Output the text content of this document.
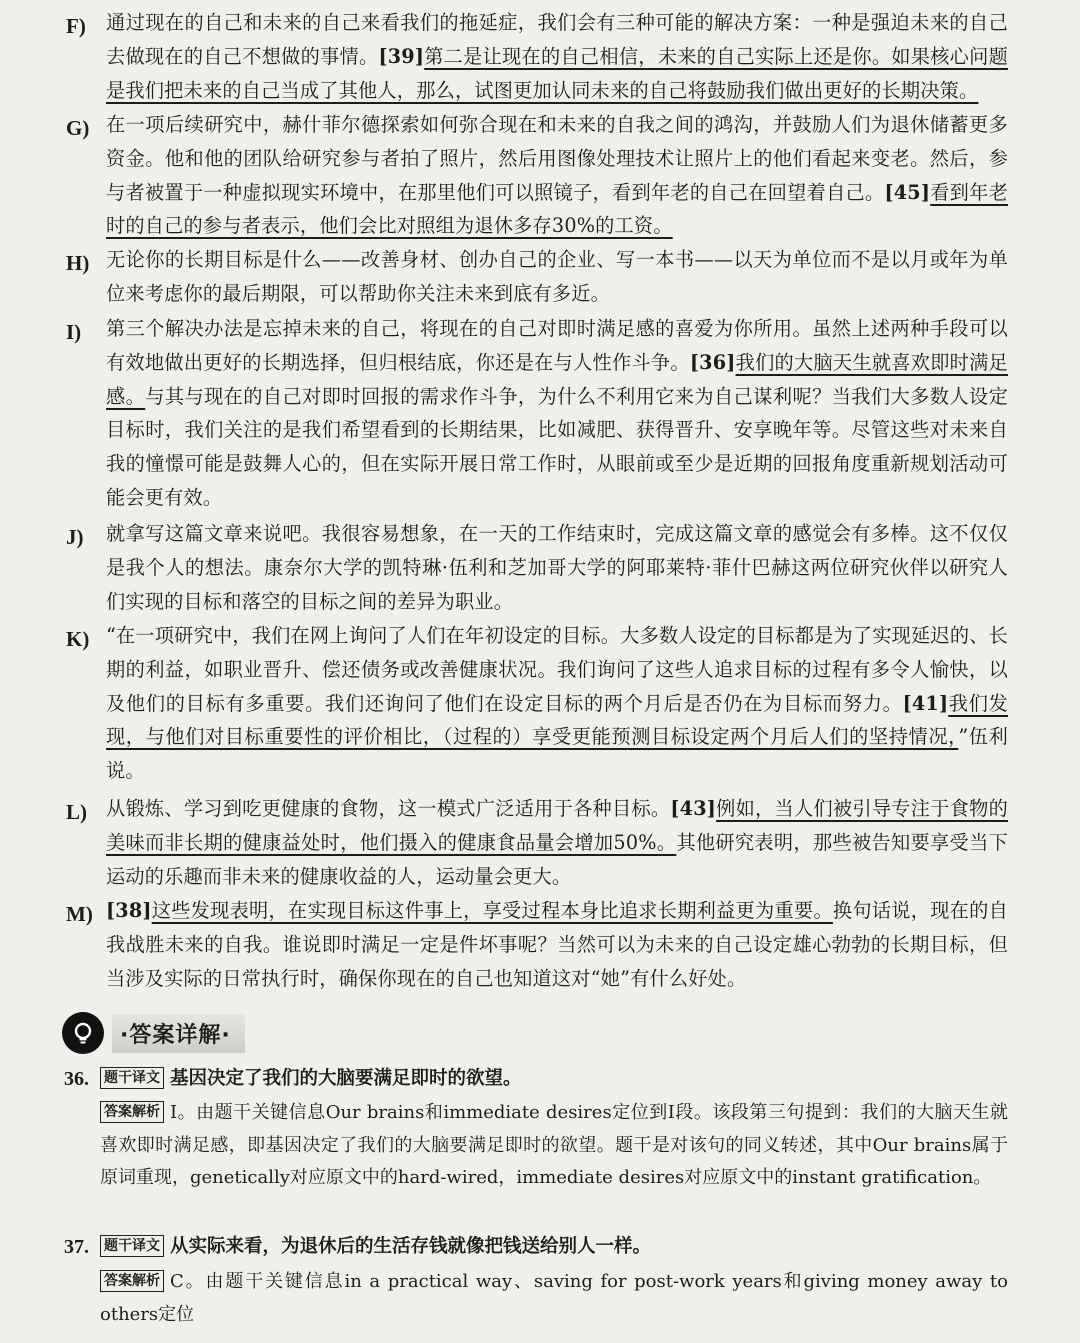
F)	通过现在的自己和未来的自己来看我们的拖延症，我们会有三种可能的解决方案：一种是强迫未来的自己去做现在的自己不想做的事情。[39]第二是让现在的自己相信，未来的自己实际上还是你。如果核心问题是我们把未来的自己当成了其他人，那么，试图更加认同未来的自己将鼓励我们做出更好的长期决策。
G) 在一项后续研究中，赫什菲尔德探索如何弥合现在和未来的自我之间的鸿沟，并鼓励人们为退休储蓄更多资金。他和他的团队给研究参与者拍了照片，然后用图像处理技术让照片上的他们看起来变老。然后，参与者被置于一种虚拟现实环境中，在那里他们可以照镜子，看到年老的自己在回望着自己。[45]看到年老时的自己的参与者表示，他们会比对照组为退休多存30%的工资。
H) 无论你的长期目标是什么——改善身材、创办自己的企业、写一本书——以天为单位而不是以月或年为单位来考虑你的最后期限，可以帮助你关注未来到底有多近。
I)	第三个解决办法是忘掉未来的自己，将现在的自己对即时满足感的喜爱为你所用。虽然上述两种手段可以有效地做出更好的长期选择，但归根结底，你还是在与人性作斗争。[36]我们的大脑天生就喜欢即时满足感。与其与现在的自己对即时回报的需求作斗争，为什么不利用它来为自己谋利呢？当我们大多数人设定目标时，我们关注的是我们希望看到的长期结果，比如减肥、获得晋升、安享晚年等。尽管这些对未来自我的憧憬可能是鼓舞人心的，但在实际开展日常工作时，从眼前或至少是近期的回报角度重新规划活动可能会更有效。
J)	就拿写这篇文章来说吧。我很容易想象，在一天的工作结束时，完成这篇文章的感觉会有多棒。这不仅仅是我个人的想法。康奈尔大学的凯特琳·伍利和芝加哥大学的阿耶莱特·菲什巴赫这两位研究伙伴以研究人们实现的目标和落空的目标之间的差异为职业。
K) “在一项研究中，我们在网上询问了人们在年初设定的目标。大多数人设定的目标都是为了实现延迟的、长期的利益，如职业晋升、偿还债务或改善健康状况。我们询问了这些人追求目标的过程有多令人愉快，以及他们的目标有多重要。我们还询问了他们在设定目标的两个月后是否仍在为目标而努力。[41]我们发现，与他们对目标重要性的评价相比，（过程的）享受更能预测目标设定两个月后人们的坚持情况，”伍利说。
L) 从锻炼、学习到吃更健康的食物，这一模式广泛适用于各种目标。[43]例如，当人们被引导专注于食物的美味而非长期的健康益处时，他们摄入的健康食品量会增加50%。其他研究表明，那些被告知要享受当下运动的乐趣而非未来的健康收益的人，运动量会更大。
M) [38]这些发现表明，在实现目标这件事上，享受过程本身比追求长期利益更为重要。换句话说，现在的自我战胜未来的自我。谁说即时满足一定是件坏事呢？当然可以为未来的自己设定雄心勃勃的长期目标，但当涉及实际的日常执行时，确保你现在的自己也知道这对“她”有什么好处。
·答案详解·
36.	题干译文 基因决定了我们的大脑要满足即时的欲望。
答案解析 I。由题干关键信息Our brains和immediate desires定位到I段。该段第三句提到：我们的大脑天生就喜欢即时满足感，即基因决定了我们的大脑要满足即时的欲望。题干是对该句的同义转述，其中Our brains属于原词重现，genetically对应原文中的hard-wired，immediate desires对应原文中的instant gratification。
37.	题干译文 从实际来看，为退休后的生活存钱就像把钱送给别人一样。
答案解析 C。由题干关键信息in a practical way、saving for post-work years和giving money away to others定位
